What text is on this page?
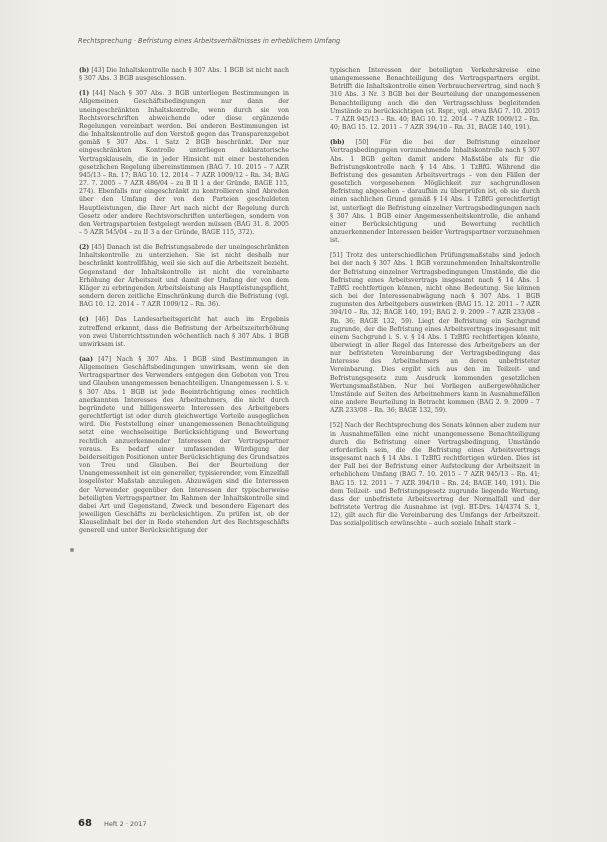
Rechtsprechung · Befristung eines Arbeitsverhältnisses in erheblichem Umfang

(b) [43] Die Inhaltskontrolle nach § 307 Abs. 1 BGB ist nicht nach § 307 Abs. 3 BGB ausgeschlossen.

(1) [44] Nach § 307 Abs. 3 BGB unterliegen Bestimmungen in Allgemeinen Geschäftsbedingungen nur dann der uneingeschränkten Inhaltskontrolle, wenn durch sie von Rechtsvorschriften abweichende oder diese ergänzende Regelungen vereinbart werden. Bei anderen Bestimmungen ist die Inhaltskontrolle auf den Verstoß gegen das Transparenzgebot gemäß § 307 Abs. 1 Satz 2 BGB beschränkt. Der nur eingeschränkten Kontrolle unterliegen deklaratorische Vertragsklauseln, die in jeder Hinsicht mit einer bestehenden gesetzlichen Regelung übereinstimmen (BAG 7. 10. 2015 – 7 AZR 945/13 – Rn. 17; BAG 10. 12. 2014 – 7 AZR 1009/12 – Rn. 34; BAG 27. 7. 2005 – 7 AZR 486/04 – zu B II 1 a der Gründe, BAGE 115, 274). Ebenfalls nur eingeschränkt zu kontrollieren sind Abreden über den Umfang der von den Parteien geschuldeten Hauptleistungen, die Ihrer Art nach nicht der Regelung durch Gesetz oder andere Rechtsvorschriften unterliegen, sondern von den Vertragsparteien festgelegt werden müssen (BAG 31. 8. 2005 – 5 AZR 545/04 – zu II 3 a der Gründe, BAGE 115, 372).

(2) [45] Danach ist die Befristungsabrede der uneingeschränkten Inhaltskontrolle zu unterziehen. Sie ist nicht deshalb nur beschränkt kontrollfähig, weil sie sich auf die Arbeitszeit bezieht. Gegenstand der Inhaltskontrolle ist nicht die vereinbarte Erhöhung der Arbeitszeit und damit der Umfang der von dem Kläger zu erbringenden Arbeitsleistung als Hauptleistungspflicht, sondern deren zeitliche Einschränkung durch die Befristung (vgl. BAG 10. 12. 2014 – 7 AZR 1009/12 – Rn. 36).

(c) [46] Das Landesarbeitsgericht hat auch im Ergebnis zutreffend erkannt, dass die Befristung der Arbeitszeiterhöhung von zwei Unterrichtsstunden wöchentlich nach § 307 Abs. 1 BGB unwirksam ist.

(aa) [47] Nach § 307 Abs. 1 BGB sind Bestimmungen in Allgemeinen Geschäftsbedingungen unwirksam, wenn sie den Vertragspartner des Verwenders entgegen den Geboten von Treu und Glauben unangemessen benachteiligen. Unangemessen i. S. v. § 307 Abs. 1 BGB ist jede Beeinträchtigung eines rechtlich anerkannten Interesses des Arbeitnehmers, die nicht durch begründete und billigenswerte Interessen des Arbeitgebers gerechtfertigt ist oder durch gleichwertige Vorteile ausgeglichen wird. Die Feststellung einer unangemessenen Benachteiligung setzt eine wechselseitige Berücksichtigung und Bewertung rechtlich anzuerkennender Interessen der Vertragspartner voraus. Es bedarf einer umfassenden Würdigung der beiderseitigen Positionen unter Berücksichtigung des Grundsatzes von Treu und Glauben. Bei der Beurteilung der Unangemessenheit ist ein genereller, typisierender, vom Einzelfall losgelöster Maßstab anzulegen. Abzuwägen sind die Interessen der Verwender gegenüber den Interessen der typischerweise beteiligten Vertragspartner. Im Rahmen der Inhaltskontrolle sind dabei Art und Gegenstand, Zweck und besondere Eigenart des jeweiligen Geschäfts zu berücksichtigen. Zu prüfen ist, ob der Klauselinhalt bei der in Rede stehenden Art des Rechtsgeschäfts generell und unter Berücksichtigung der

typischen Interessen der beteiligten Verkehrskreise eine unangemessene Benachteiligung des Vertragspartners ergibt. Betrifft die Inhaltskontrolle einen Verbrauchervertrag, sind nach § 310 Abs. 3 Nr. 3 BGB bei der Beurteilung der unangemessenen Benachteiligung auch die den Vertragsschluss begleitenden Umstände zu berücksichtigen (st. Rspr., vgl. etwa BAG 7. 10. 2015 – 7 AZR 945/13 – Rn. 40; BAG 10. 12. 2014 – 7 AZR 1009/12 – Rn. 40; BAG 15. 12. 2011 – 7 AZR 394/10 – Rn. 31, BAGE 140, 191).

(bb) [50] Für die bei der Befristung einzelner Vertragsbedingungen vorzunehmende Inhaltskontrolle nach § 307 Abs. 1 BGB gelten damit andere Maßstäbe als für die Befristungskontrolle nach § 14 Abs. 1 TzBfG. Während die Befristung des gesamten Arbeitsvertrags – von den Fällen der gesetzlich vorgesehenen Möglichkeit zur sachgrundlosen Befristung abgesehen – daraufhin zu überprüfen ist, ob sie durch einen sachlichen Grund gemäß § 14 Abs. 1 TzBfG gerechtfertigt ist, unterliegt die Befristung einzelner Vertragsbedingungen nach § 307 Abs. 1 BGB einer Angemessenheitskontrolle, die anhand einer Berücksichtigung und Bewertung rechtlich anzuerkennender Interessen beider Vertragspartner vorzunehmen ist.

[51] Trotz des unterschiedlichen Prüfungsmaßstabs sind jedoch bei der nach § 307 Abs. 1 BGB vorzunehmenden Inhaltskontrolle der Befristung einzelner Vertragsbedingungen Umstände, die die Befristung eines Arbeitsvertrags insgesamt nach § 14 Abs. 1 TzBfG rechtfertigen können, nicht ohne Bedeutung. Sie können sich bei der Interessenabwägung nach § 307 Abs. 1 BGB zugunsten des Arbeitgebers auswirken (BAG 15. 12. 2011 – 7 AZR 394/10 – Rn. 32; BAGE 140, 191; BAG 2. 9. 2009 – 7 AZR 233/08 – Rn. 36; BAGE 132, 59). Liegt der Befristung ein Sachgrund zugrunde, der die Befristung eines Arbeitsvertrags insgesamt mit einem Sachgrund i. S. v. § 14 Abs. 1 TzBfG rechtfertigen könnte, überwiegt in aller Regel das Interesse des Arbeitgebers an der nur befristeten Vereinbarung der Vertragsbedingung das Interesse des Arbeitnehmers an deren unbefristeter Vereinbarung. Dies ergibt sich aus den im Teilzeit- und Befristungsgesetz zum Ausdruck kommenden gesetzlichen Wertungsmaßstäben. Nur bei Vorliegen außergewöhnlicher Umstände auf Seiten des Arbeitnehmers kann in Ausnahmefällen eine andere Beurteilung in Betracht kommen (BAG 2. 9. 2009 – 7 AZR 233/08 – Rn. 36; BAGE 132, 59).

[52] Nach der Rechtsprechung des Senats können aber zudem nur in Ausnahmefällen eine nicht unangemessene Benachteiligung durch die Befristung einer Vertragsbedingung, Umstände erforderlich sein, die die Befristung eines Arbeitsvertrags insgesamt nach § 14 Abs. 1 TzBfG rechtfertigen würden. Dies ist der Fall bei der Befristung einer Aufstockung der Arbeitszeit in erheblichem Umfang (BAG 7. 10. 2015 – 7 AZR 945/13 – Rn. 41; BAG 15. 12. 2011 – 7 AZR 394/10 – Rn. 24; BAGE 140, 191). Die dem Teilzeit- und Befristungsgesetz zugrunde liegende Wertung, dass der unbefristete Arbeitsvertrag der Normalfall und der befristete Vertrag die Ausnahme ist (vgl. BT-Drs. 14/4374 S. 1, 12), gilt auch für die Vereinbarung des Umfangs der Arbeitszeit. Das sozialpolitisch erwünschte – auch soziale Inhalt stark –

68 Heft 2 · 2017
